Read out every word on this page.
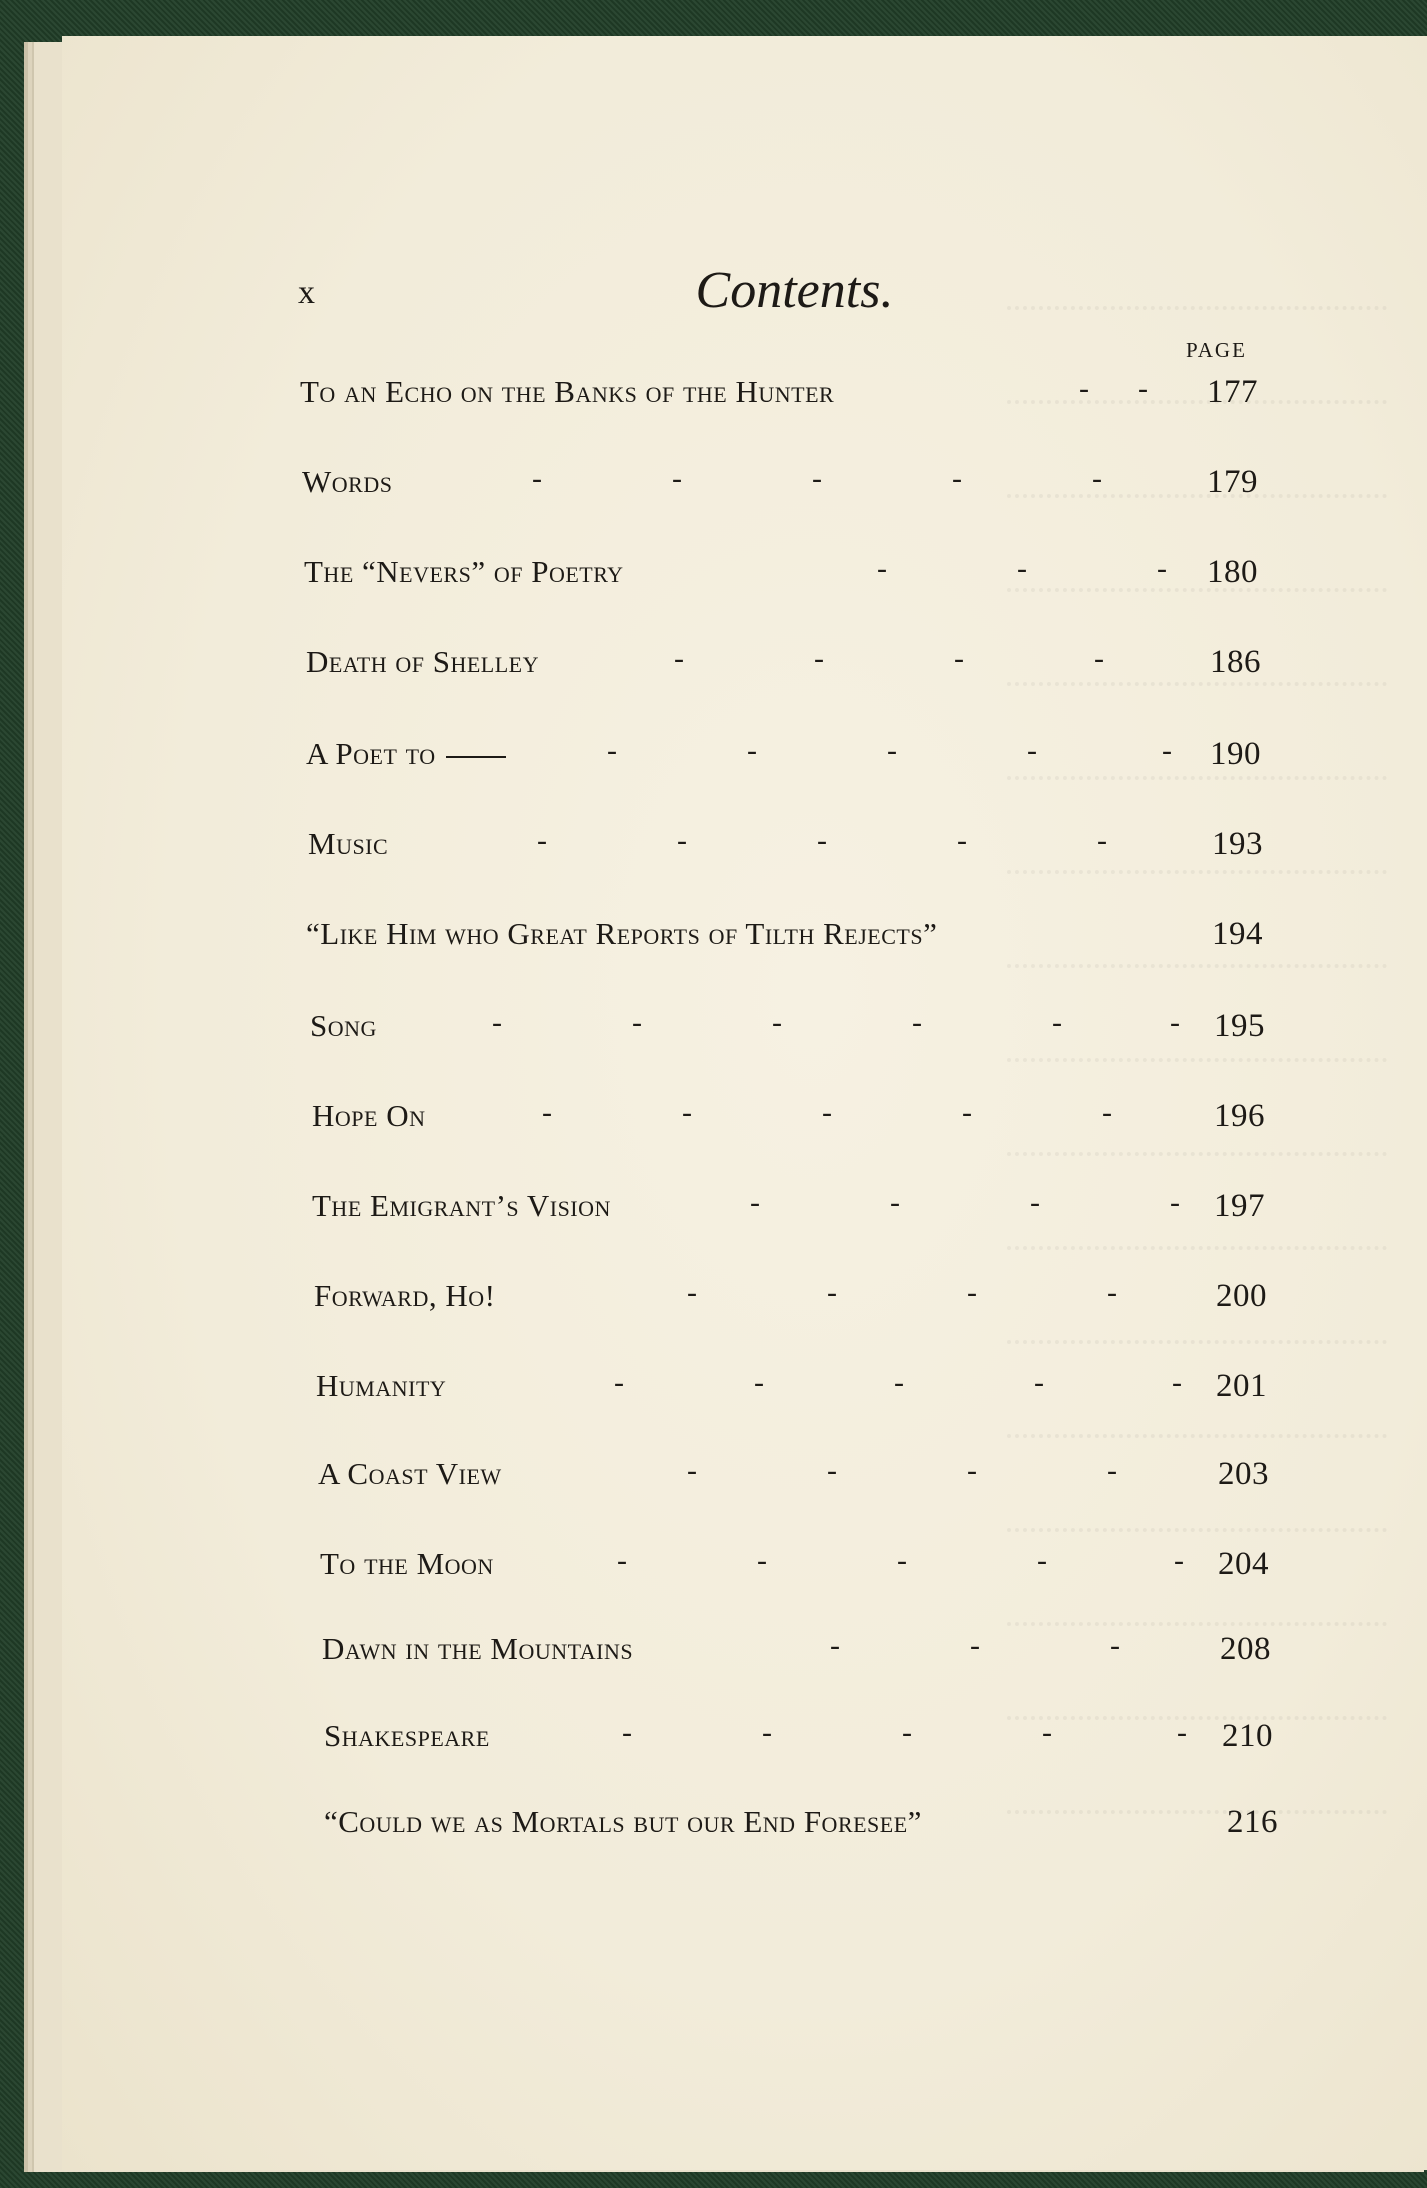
x	Contents.
PAGE
To an Echo on the Banks of the Hunter	- - 177
Words	-	-	-	-	-	179
The “Nevers” of Poetry	-	-	- 180
Death of Shelley	-	-	-	-	186
A Poet to	-	-	-	-	- 190
Music	-	-	-	-	-	193
“Like Him who Great Reports of Tilth Rejects”	194
Song	-	-	-	-	-	- 195
Hope On	-	-	-	-	-	196
The Emigrant’s Vision	-	-	-	- 197
Forward, Ho!	-	-	-	-	200
Humanity	-	-	-	-	- 201
A Coast View	-	-	-	-	203
To the Moon	-	-	-	-	- 204
Dawn in the Mountains	-	-	-	208
Shakespeare	-	-	-	-	- 210
“Could we as Mortals but our End Foresee”	216
